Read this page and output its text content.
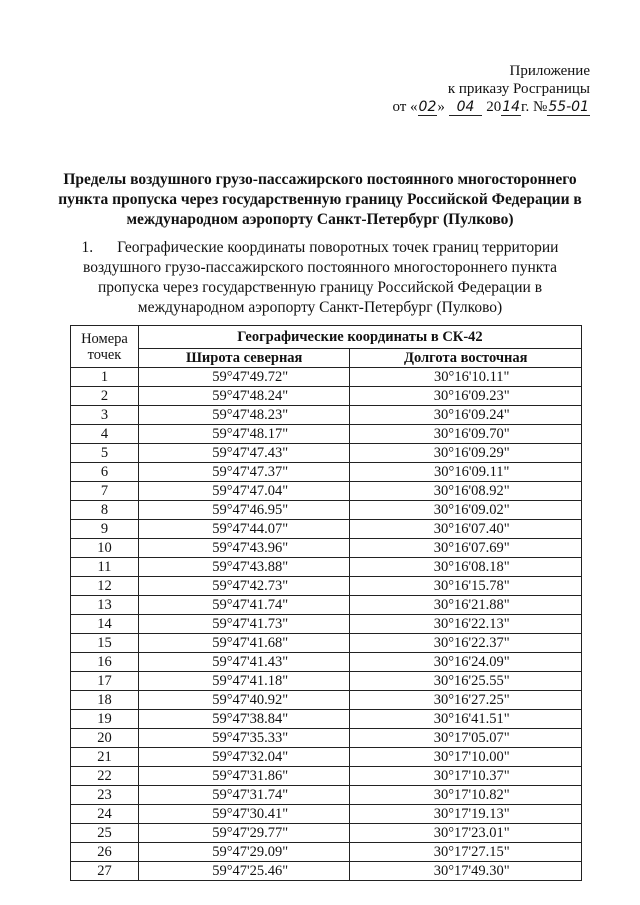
Приложение
к приказу Росграницы
от «02» 04 2014г. №55-01
Пределы воздушного грузо-пассажирского постоянного многостороннего
пункта пропуска через государственную границу Российской Федерации в
международном аэропорту Санкт-Петербург (Пулково)
1. Географические координаты поворотных точек границ территории
воздушного грузо-пассажирского постоянного многостороннего пункта
пропуска через государственную границу Российской Федерации в
международном аэропорту Санкт-Петербург (Пулково)
Номера
точек	Географические координаты в СК-42	
	Широта северная	Долгота восточная
1	59°47'49.72"	30°16'10.11"
2	59°47'48.24"	30°16'09.23"
3	59°47'48.23"	30°16'09.24"
4	59°47'48.17"	30°16'09.70"
5	59°47'47.43"	30°16'09.29"
6	59°47'47.37"	30°16'09.11"
7	59°47'47.04"	30°16'08.92"
8	59°47'46.95"	30°16'09.02"
9	59°47'44.07"	30°16'07.40"
10	59°47'43.96"	30°16'07.69"
11	59°47'43.88"	30°16'08.18"
12	59°47'42.73"	30°16'15.78"
13	59°47'41.74"	30°16'21.88"
14	59°47'41.73"	30°16'22.13"
15	59°47'41.68"	30°16'22.37"
16	59°47'41.43"	30°16'24.09"
17	59°47'41.18"	30°16'25.55"
18	59°47'40.92"	30°16'27.25"
19	59°47'38.84"	30°16'41.51"
20	59°47'35.33"	30°17'05.07"
21	59°47'32.04"	30°17'10.00"
22	59°47'31.86"	30°17'10.37"
23	59°47'31.74"	30°17'10.82"
24	59°47'30.41"	30°17'19.13"
25	59°47'29.77"	30°17'23.01"
26	59°47'29.09"	30°17'27.15"
27	59°47'25.46"	30°17'49.30"
